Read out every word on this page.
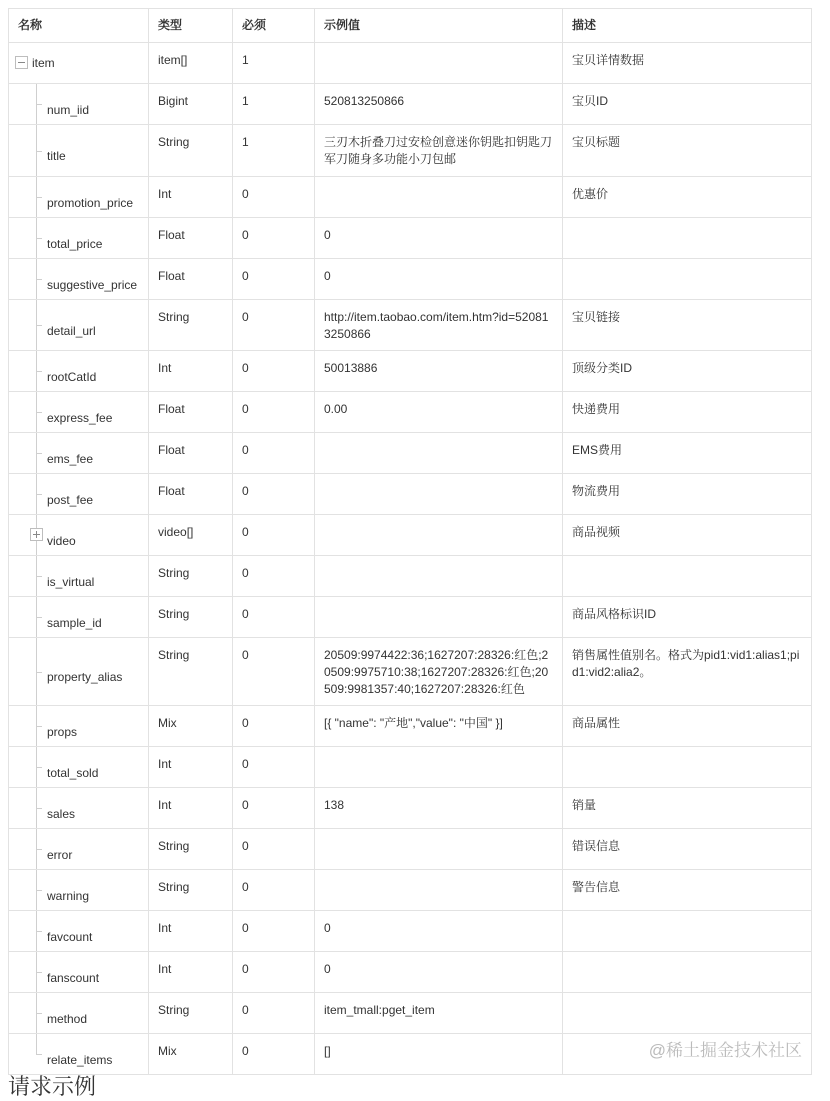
名称	类型	必须	示例值	描述

item	item[]	1		宝贝详情数据

num_iid	Bigint	1	520813250866	宝贝ID

title	String	1	三刃木折叠刀过安检创意迷你钥匙扣钥匙刀军刀随身多功能小刀包邮	宝贝标题

promotion_price	Int	0		优惠价

total_price	Float	0	0	

suggestive_price	Float	0	0	

detail_url	String	0	http://item.taobao.com/item.htm?id=520813250866	宝贝链接

rootCatId	Int	0	50013886	顶级分类ID

express_fee	Float	0	0.00	快递费用

ems_fee	Float	0		EMS费用

post_fee	Float	0		物流费用

video	video[]	0		商品视频

is_virtual	String	0		

sample_id	String	0		商品风格标识ID

property_alias	String	0	20509:9974422:36;1627207:28326:红色;20509:9975710:38;1627207:28326:红色;20509:9981357:40;1627207:28326:红色	销售属性值别名。格式为pid1:vid1:alias1;pid1:vid2:alia2。

props	Mix	0	[{ "name": "产地","value": "中国" }]	商品属性

total_sold	Int	0		

sales	Int	0	138	销量

error	String	0		错误信息

warning	String	0		警告信息

favcount	Int	0	0	

fanscount	Int	0	0	

method	String	0	item_tmall:pget_item	

relate_items	Mix	0	[]		@稀土掘金技术社区
请求示例
